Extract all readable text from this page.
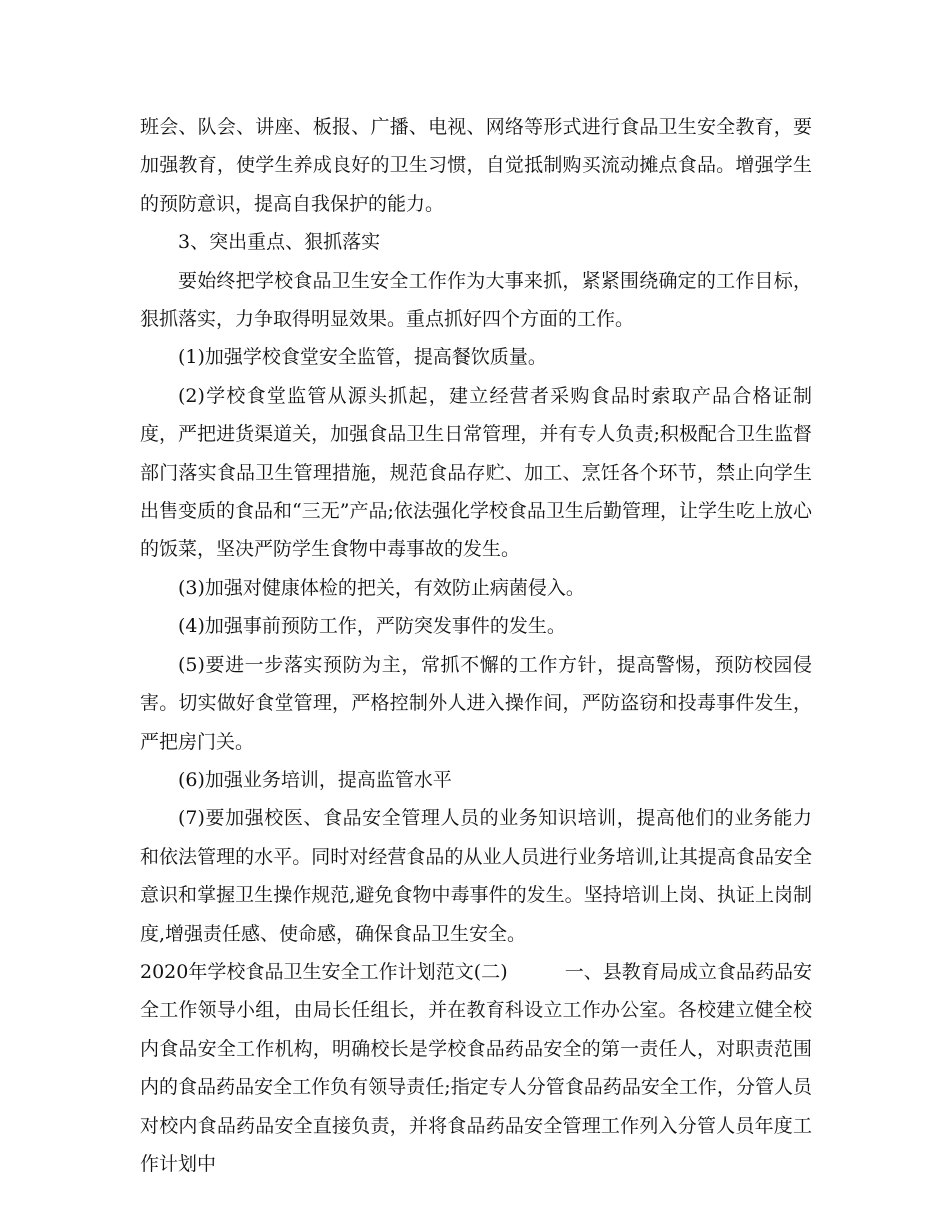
班会、队会、讲座、板报、广播、电视、网络等形式进行食品卫生安全教育，要加强教育，使学生养成良好的卫生习惯，自觉抵制购买流动摊点食品。增强学生的预防意识，提高自我保护的能力。

3、突出重点、狠抓落实

要始终把学校食品卫生安全工作作为大事来抓，紧紧围绕确定的工作目标，狠抓落实，力争取得明显效果。重点抓好四个方面的工作。

(1)加强学校食堂安全监管，提高餐饮质量。

(2)学校食堂监管从源头抓起，建立经营者采购食品时索取产品合格证制度，严把进货渠道关，加强食品卫生日常管理，并有专人负责;积极配合卫生监督部门落实食品卫生管理措施，规范食品存贮、加工、烹饪各个环节，禁止向学生出售变质的食品和“三无”产品;依法强化学校食品卫生后勤管理，让学生吃上放心的饭菜，坚决严防学生食物中毒事故的发生。

(3)加强对健康体检的把关，有效防止病菌侵入。

(4)加强事前预防工作，严防突发事件的发生。

(5)要进一步落实预防为主，常抓不懈的工作方针，提高警惕，预防校园侵害。切实做好食堂管理，严格控制外人进入操作间，严防盗窃和投毒事件发生，严把房门关。

(6)加强业务培训，提高监管水平

(7)要加强校医、食品安全管理人员的业务知识培训，提高他们的业务能力和依法管理的水平。同时对经营食品的从业人员进行业务培训,让其提高食品安全意识和掌握卫生操作规范,避免食物中毒事件的发生。坚持培训上岗、执证上岗制度,增强责任感、使命感，确保食品卫生安全。

2020年学校食品卫生安全工作计划范文(二)　　　一、县教育局成立食品药品安全工作领导小组，由局长任组长，并在教育科设立工作办公室。各校建立健全校内食品安全工作机构，明确校长是学校食品药品安全的第一责任人，对职责范围内的食品药品安全工作负有领导责任;指定专人分管食品药品安全工作，分管人员对校内食品药品安全直接负责，并将食品药品安全管理工作列入分管人员年度工作计划中
